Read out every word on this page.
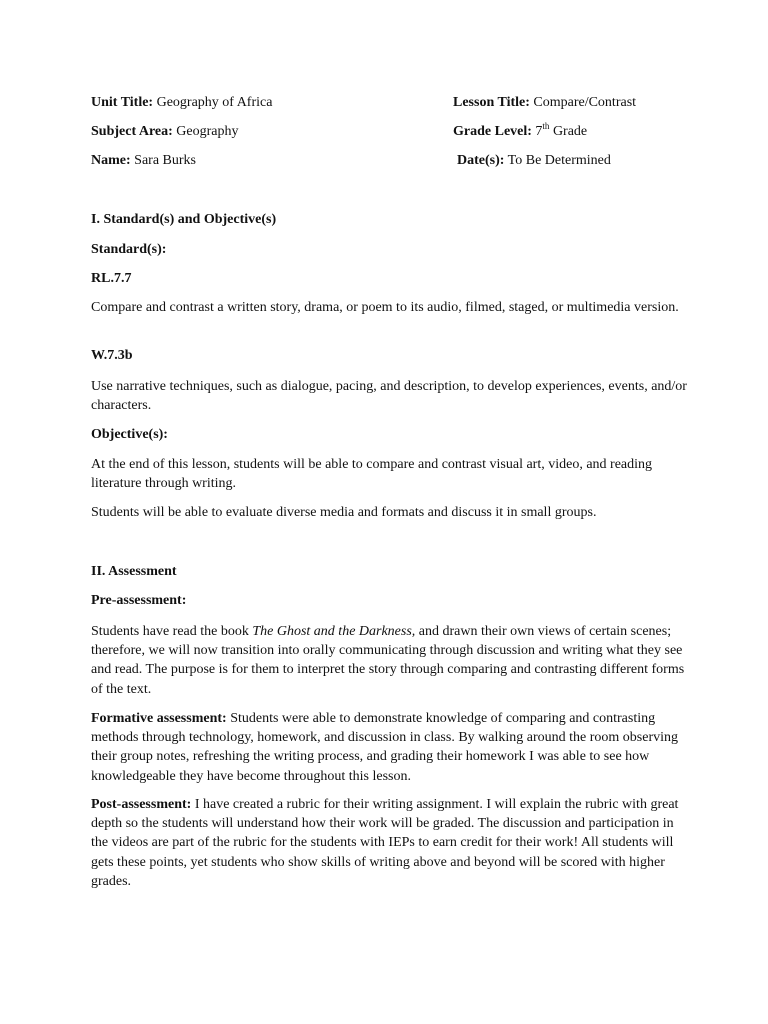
Unit Title: Geography of Africa	Lesson Title: Compare/Contrast
Subject Area: Geography	Grade Level: 7th Grade
Name: Sara Burks	Date(s): To Be Determined
I. Standard(s) and Objective(s)
Standard(s):
RL.7.7
Compare and contrast a written story, drama, or poem to its audio, filmed, staged, or multimedia version.
W.7.3b
Use narrative techniques, such as dialogue, pacing, and description, to develop experiences, events, and/or characters.
Objective(s):
At the end of this lesson, students will be able to compare and contrast visual art, video, and reading literature through writing.
Students will be able to evaluate diverse media and formats and discuss it in small groups.
II. Assessment
Pre-assessment:
Students have read the book The Ghost and the Darkness, and drawn their own views of certain scenes; therefore, we will now transition into orally communicating through discussion and writing what they see and read. The purpose is for them to interpret the story through comparing and contrasting different forms of the text.
Formative assessment: Students were able to demonstrate knowledge of comparing and contrasting methods through technology, homework, and discussion in class. By walking around the room observing their group notes, refreshing the writing process, and grading their homework I was able to see how knowledgeable they have become throughout this lesson.
Post-assessment: I have created a rubric for their writing assignment. I will explain the rubric with great depth so the students will understand how their work will be graded. The discussion and participation in the videos are part of the rubric for the students with IEPs to earn credit for their work! All students will gets these points, yet students who show skills of writing above and beyond will be scored with higher grades.
